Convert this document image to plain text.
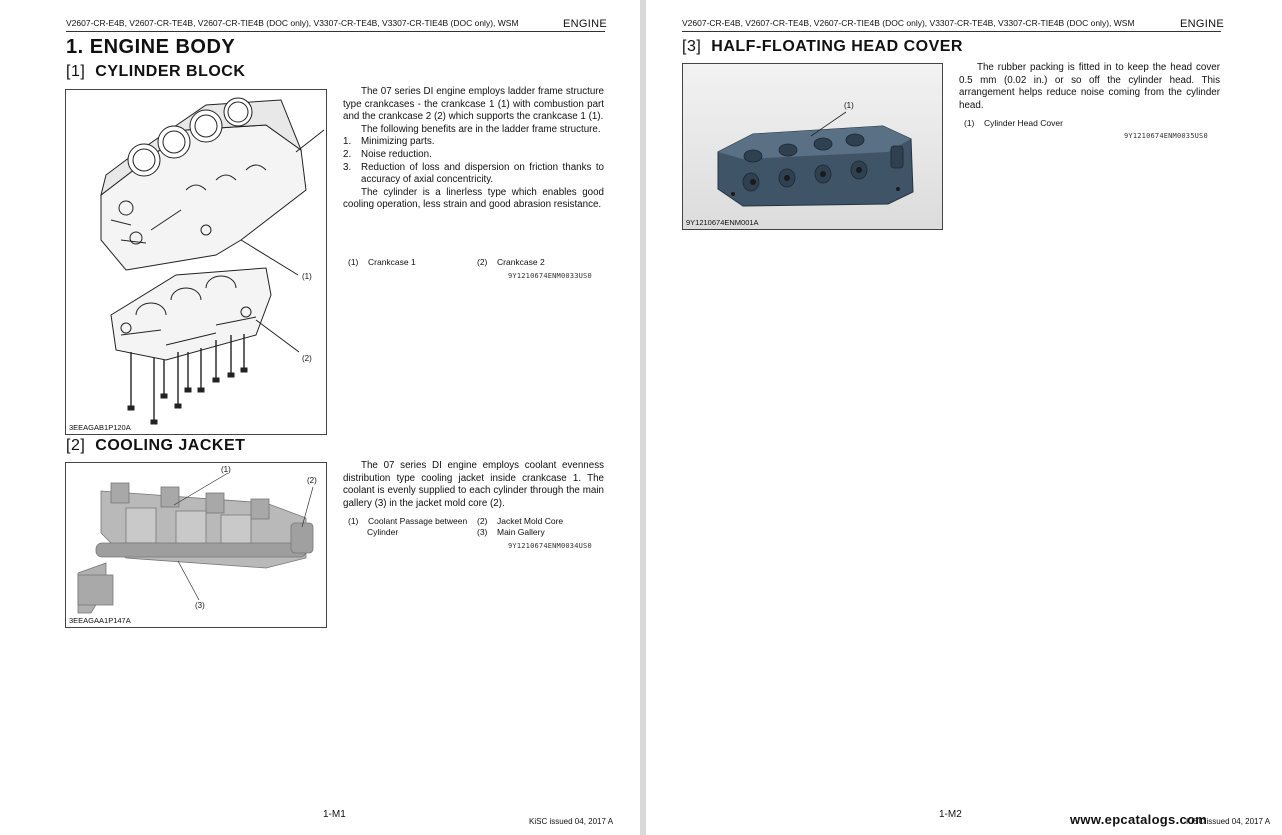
V2607-CR-E4B, V2607-CR-TE4B, V2607-CR-TIE4B (DOC only), V3307-CR-TE4B, V3307-CR-TIE4B (DOC only), WSM	ENGINE
1. ENGINE BODY
[1] CYLINDER BLOCK
(1)
(2)
3EEAGAB1P120A

The 07 series DI engine employs ladder frame structure type crankcases - the crankcase 1 (1) with combustion part and the crankcase 2 (2) which supports the crankcase 1 (1).

The following benefits are in the ladder frame structure.

1. Minimizing parts.
2. Noise reduction.
3. Reduction of loss and dispersion on friction thanks to accuracy of axial concentricity.

The cylinder is a linerless type which enables good cooling operation, less strain and good abrasion resistance.

(1) Crankcase 1	(2) Crankcase 2
9Y1210674ENM0033US0
[2] COOLING JACKET
(1)
(2)
(3)
3EEAGAA1P147A

The 07 series DI engine employs coolant evenness distribution type cooling jacket inside crankcase 1. The coolant is evenly supplied to each cylinder through the main gallery (3) in the jacket mold core (2).

(1) Coolant Passage between
Cylinder
(2) Jacket Mold Core
(3) Main Gallery
9Y1210674ENM0034US0
1-M1
KiSC issued 04, 2017 A
V2607-CR-E4B, V2607-CR-TE4B, V2607-CR-TIE4B (DOC only), V3307-CR-TE4B, V3307-CR-TIE4B (DOC only), WSM	ENGINE
[3] HALF-FLOATING HEAD COVER
(1)
9Y1210674ENM001A

The rubber packing is fitted in to keep the head cover 0.5 mm (0.02 in.) or so off the cylinder head. This arrangement helps reduce noise coming from the cylinder head.

(1) Cylinder Head Cover
9Y1210674ENM0035US0
1-M2
KiSC issued 04, 2017 A
www.epcatalogs.com
